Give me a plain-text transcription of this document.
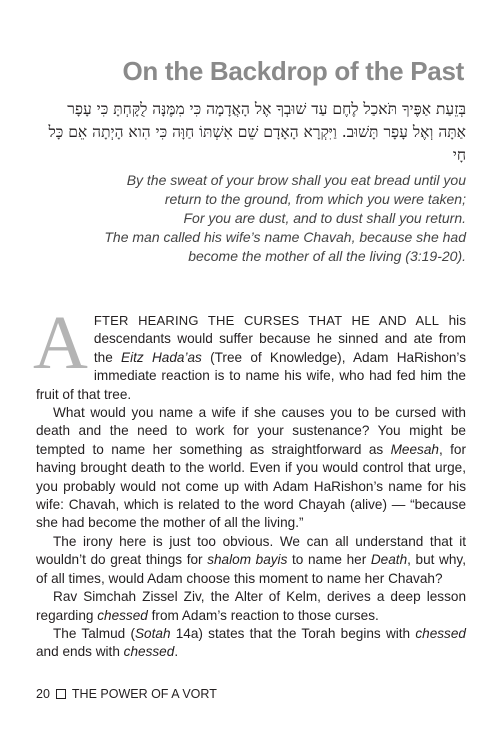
On the Backdrop of the Past
בְּזֵעַת אַפֶּיךָ תֹּאכַל לֶחֶם עַד שׁוּבְךָ אֶל הָאֲדָמָה כִּי מִמֶּנָּה לֻקָּחְתָּ כִּי עָפָר אַתָּה וְאֶל עָפָר תָּשׁוּב. וַיִּקְרָא הָאָדָם שֵׁם אִשְׁתּוֹ חַוָּה כִּי הִוא הָיְתָה אֵם כָּל חָי
By the sweat of your brow shall you eat bread until you
return to the ground, from which you were taken;
For you are dust, and to dust shall you return.
The man called his wife’s name Chavah, because she had
become the mother of all the living (3:19-20).

AFTER HEARING THE CURSES THAT HE AND ALL his descendants would suffer because he sinned and ate from the Eitz Hada’as (Tree of Knowledge), Adam HaRishon’s immediate reaction is to name his wife, who had fed him the fruit of that tree.

What would you name a wife if she causes you to be cursed with death and the need to work for your sustenance? You might be tempted to name her something as straightforward as Meesah, for having brought death to the world. Even if you would control that urge, you probably would not come up with Adam HaRishon’s name for his wife: Chavah, which is related to the word Chayah (alive) — “because she had become the mother of all the living.”

The irony here is just too obvious. We can all understand that it wouldn’t do great things for shalom bayis to name her Death, but why, of all times, would Adam choose this moment to name her Chavah?

Rav Simchah Zissel Ziv, the Alter of Kelm, derives a deep lesson regarding chessed from Adam’s reaction to those curses.

The Talmud (Sotah 14a) states that the Torah begins with chessed and ends with chessed.

20 THE POWER OF A VORT
